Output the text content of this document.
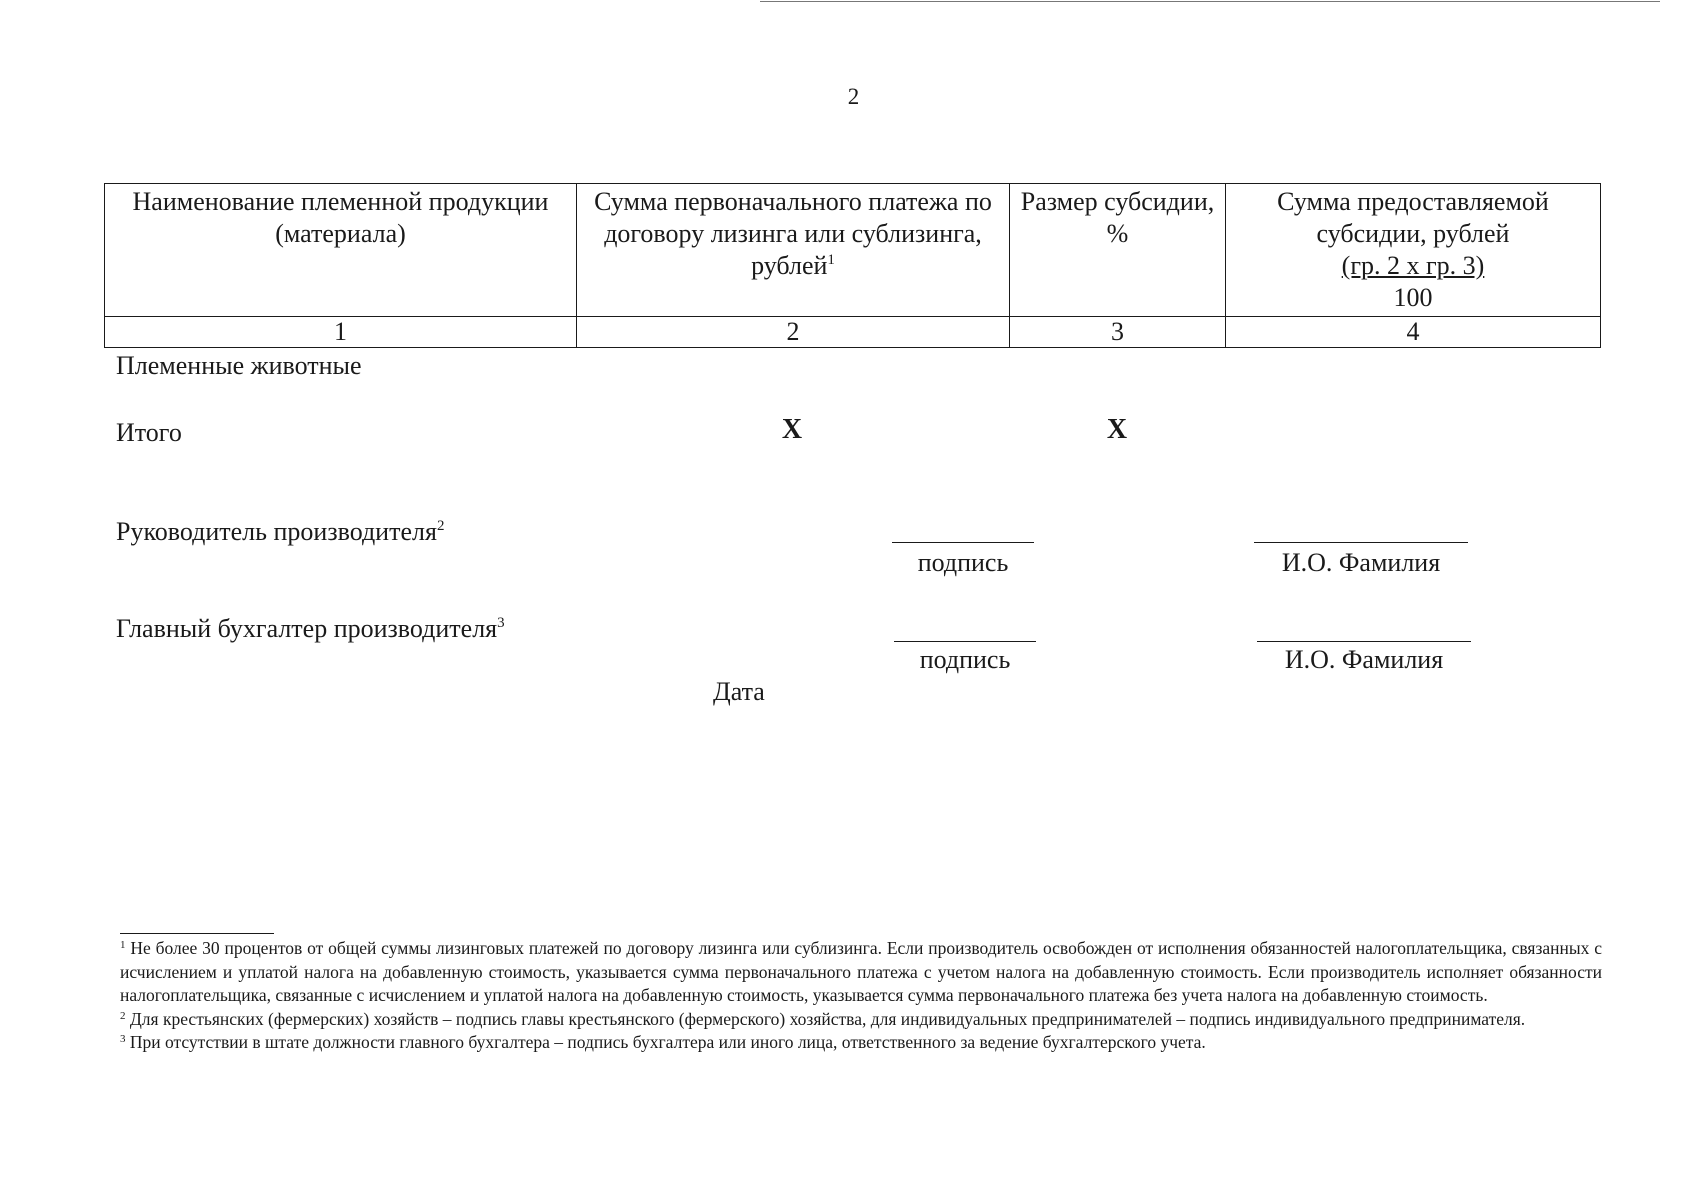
2
Наименование племенной продукции (материала)	Сумма первоначального платежа по договору лизинга или сублизинга, рублей$^1$	Размер субсидии, %	Сумма предоставляемой субсидии, рублей
(гр. 2 х гр. 3)
100
1	2	3	4
Племенные животные
Итого	Х	Х
Руководитель производителя$^2$
подпись	И.О. Фамилия
Главный бухгалтер производителя$^3$
подпись	И.О. Фамилия
Дата

$^1$ Не более 30 процентов от общей суммы лизинговых платежей по договору лизинга или сублизинга. Если производитель освобожден от исполнения обязанностей налогоплательщика, связанных с исчислением и уплатой налога на добавленную стоимость, указывается сумма первоначального платежа с учетом налога на добавленную стоимость. Если производитель исполняет обязанности налогоплательщика, связанные с исчислением и уплатой налога на добавленную стоимость, указывается сумма первоначального платежа без учета налога на добавленную стоимость.

$^2$ Для крестьянских (фермерских) хозяйств – подпись главы крестьянского (фермерского) хозяйства, для индивидуальных предпринимателей – подпись индивидуального предпринимателя.

$^3$ При отсутствии в штате должности главного бухгалтера – подпись бухгалтера или иного лица, ответственного за ведение бухгалтерского учета.
